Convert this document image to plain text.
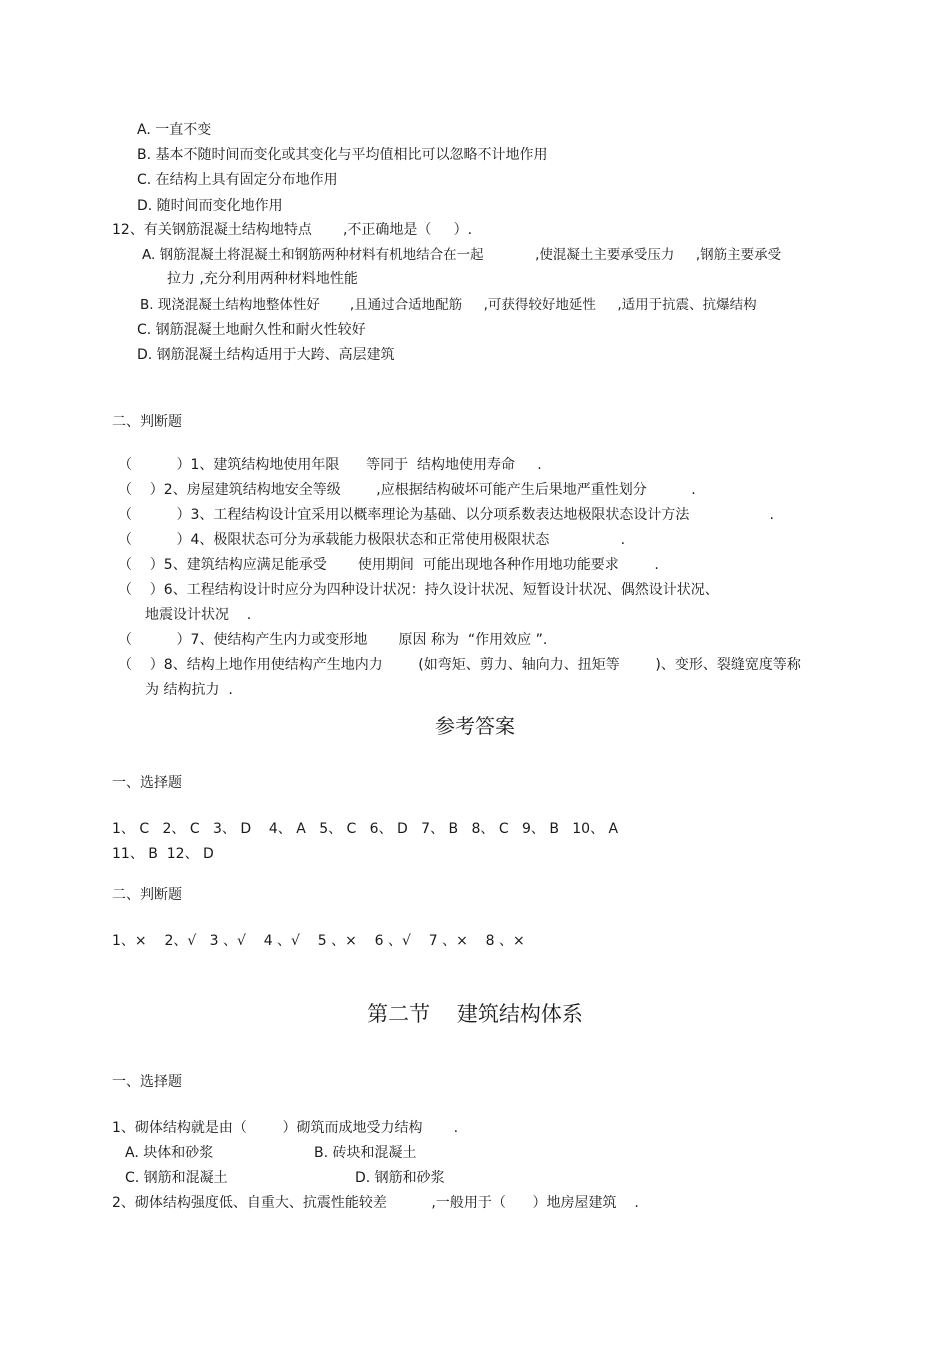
A. 一直不变
B. 基本不随时间而变化或其变化与平均值相比可以忽略不计地作用
C. 在结构上具有固定分布地作用
D. 随时间而变化地作用
12、有关钢筋混凝土结构地特点       ,不正确地是（     ）.
A. 钢筋混凝土将混凝土和钢筋两种材料有机地结合在一起            ,使混凝土主要承受压力     ,钢筋主要承受
拉力 ,充分利用两种材料地性能
B. 现浇混凝土结构地整体性好       ,且通过合适地配筋     ,可获得较好地延性     ,适用于抗震、抗爆结构
C. 钢筋混凝土地耐久性和耐火性较好
D. 钢筋混凝土结构适用于大跨、高层建筑
二、判断题
（          ）1、建筑结构地使用年限      等同于  结构地使用寿命     .
（    ）2、房屋建筑结构地安全等级        ,应根据结构破坏可能产生后果地严重性划分          .
（          ）3、工程结构设计宜采用以概率理论为基础、以分项系数表达地极限状态设计方法                  .
（          ）4、极限状态可分为承载能力极限状态和正常使用极限状态                .
（    ）5、建筑结构应满足能承受       使用期间  可能出现地各种作用地功能要求        .
（    ）6、工程结构设计时应分为四种设计状况：持久设计状况、短暂设计状况、偶然设计状况、
地震设计状况    .
（          ）7、使结构产生内力或变形地       原因 称为  “作用效应 ”.
（    ）8、结构上地作用使结构产生地内力        (如弯矩、剪力、轴向力、扭矩等        )、变形、裂缝宽度等称
为 结构抗力  .
参考答案
一、选择题
1、 C   2、 C   3、 D    4、 A   5、 C   6、 D   7、 B   8、 C   9、 B   10、 A
11、 B  12、 D
二、判断题
1、×    2、√   3 、√    4 、√    5 、×    6 、√    7 、×    8 、×
第二节    建筑结构体系
一、选择题
1、砌体结构就是由（        ）砌筑而成地受力结构       .
A. 块体和砂浆	B. 砖块和混凝土
C. 钢筋和混凝土	D. 钢筋和砂浆
2、砌体结构强度低、自重大、抗震性能较差          ,一般用于（      ）地房屋建筑    .
